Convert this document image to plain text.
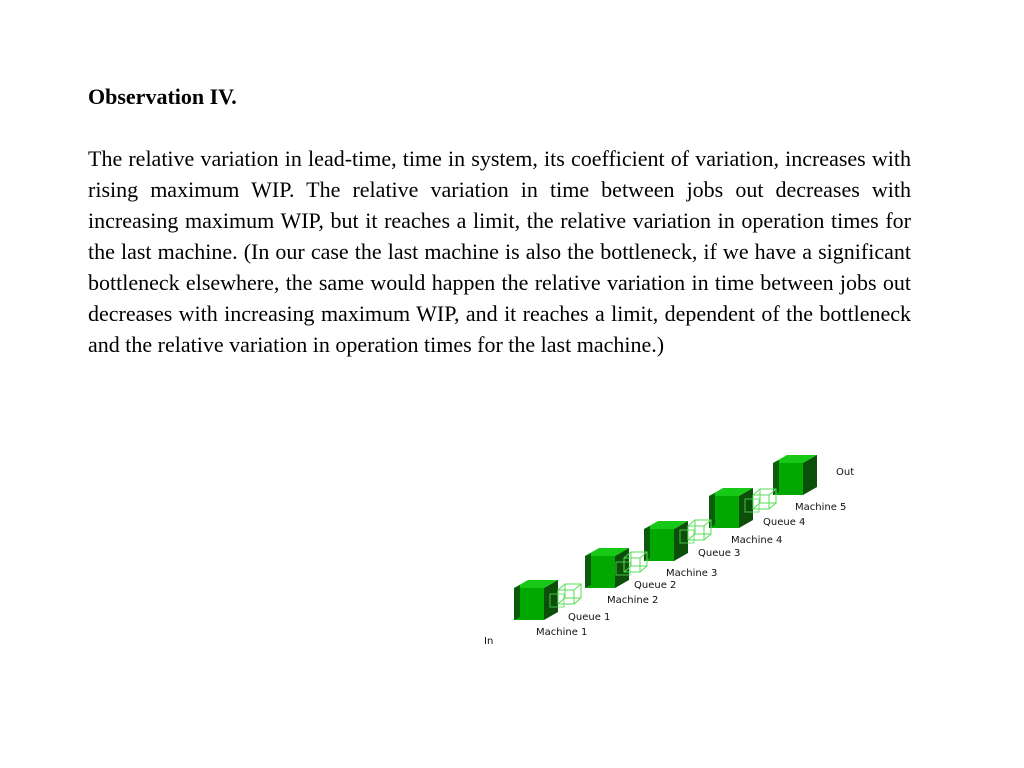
Observation IV.

The relative variation in lead-time, time in system, its coefficient of variation, increases with rising maximum WIP. The relative variation in time between jobs out decreases with increasing maximum WIP, but it reaches a limit, the relative variation in operation times for the last machine. (In our case the last machine is also the bottleneck, if we have a significant bottleneck elsewhere, the same would happen the relative variation in time between jobs out decreases with increasing maximum WIP, and it reaches a limit, dependent of the bottleneck and the relative variation in operation times for the last machine.)

In
Out
Machine 1
Machine 2
Machine 3
Machine 4
Machine 5
Queue 1
Queue 2
Queue 3
Queue 4
